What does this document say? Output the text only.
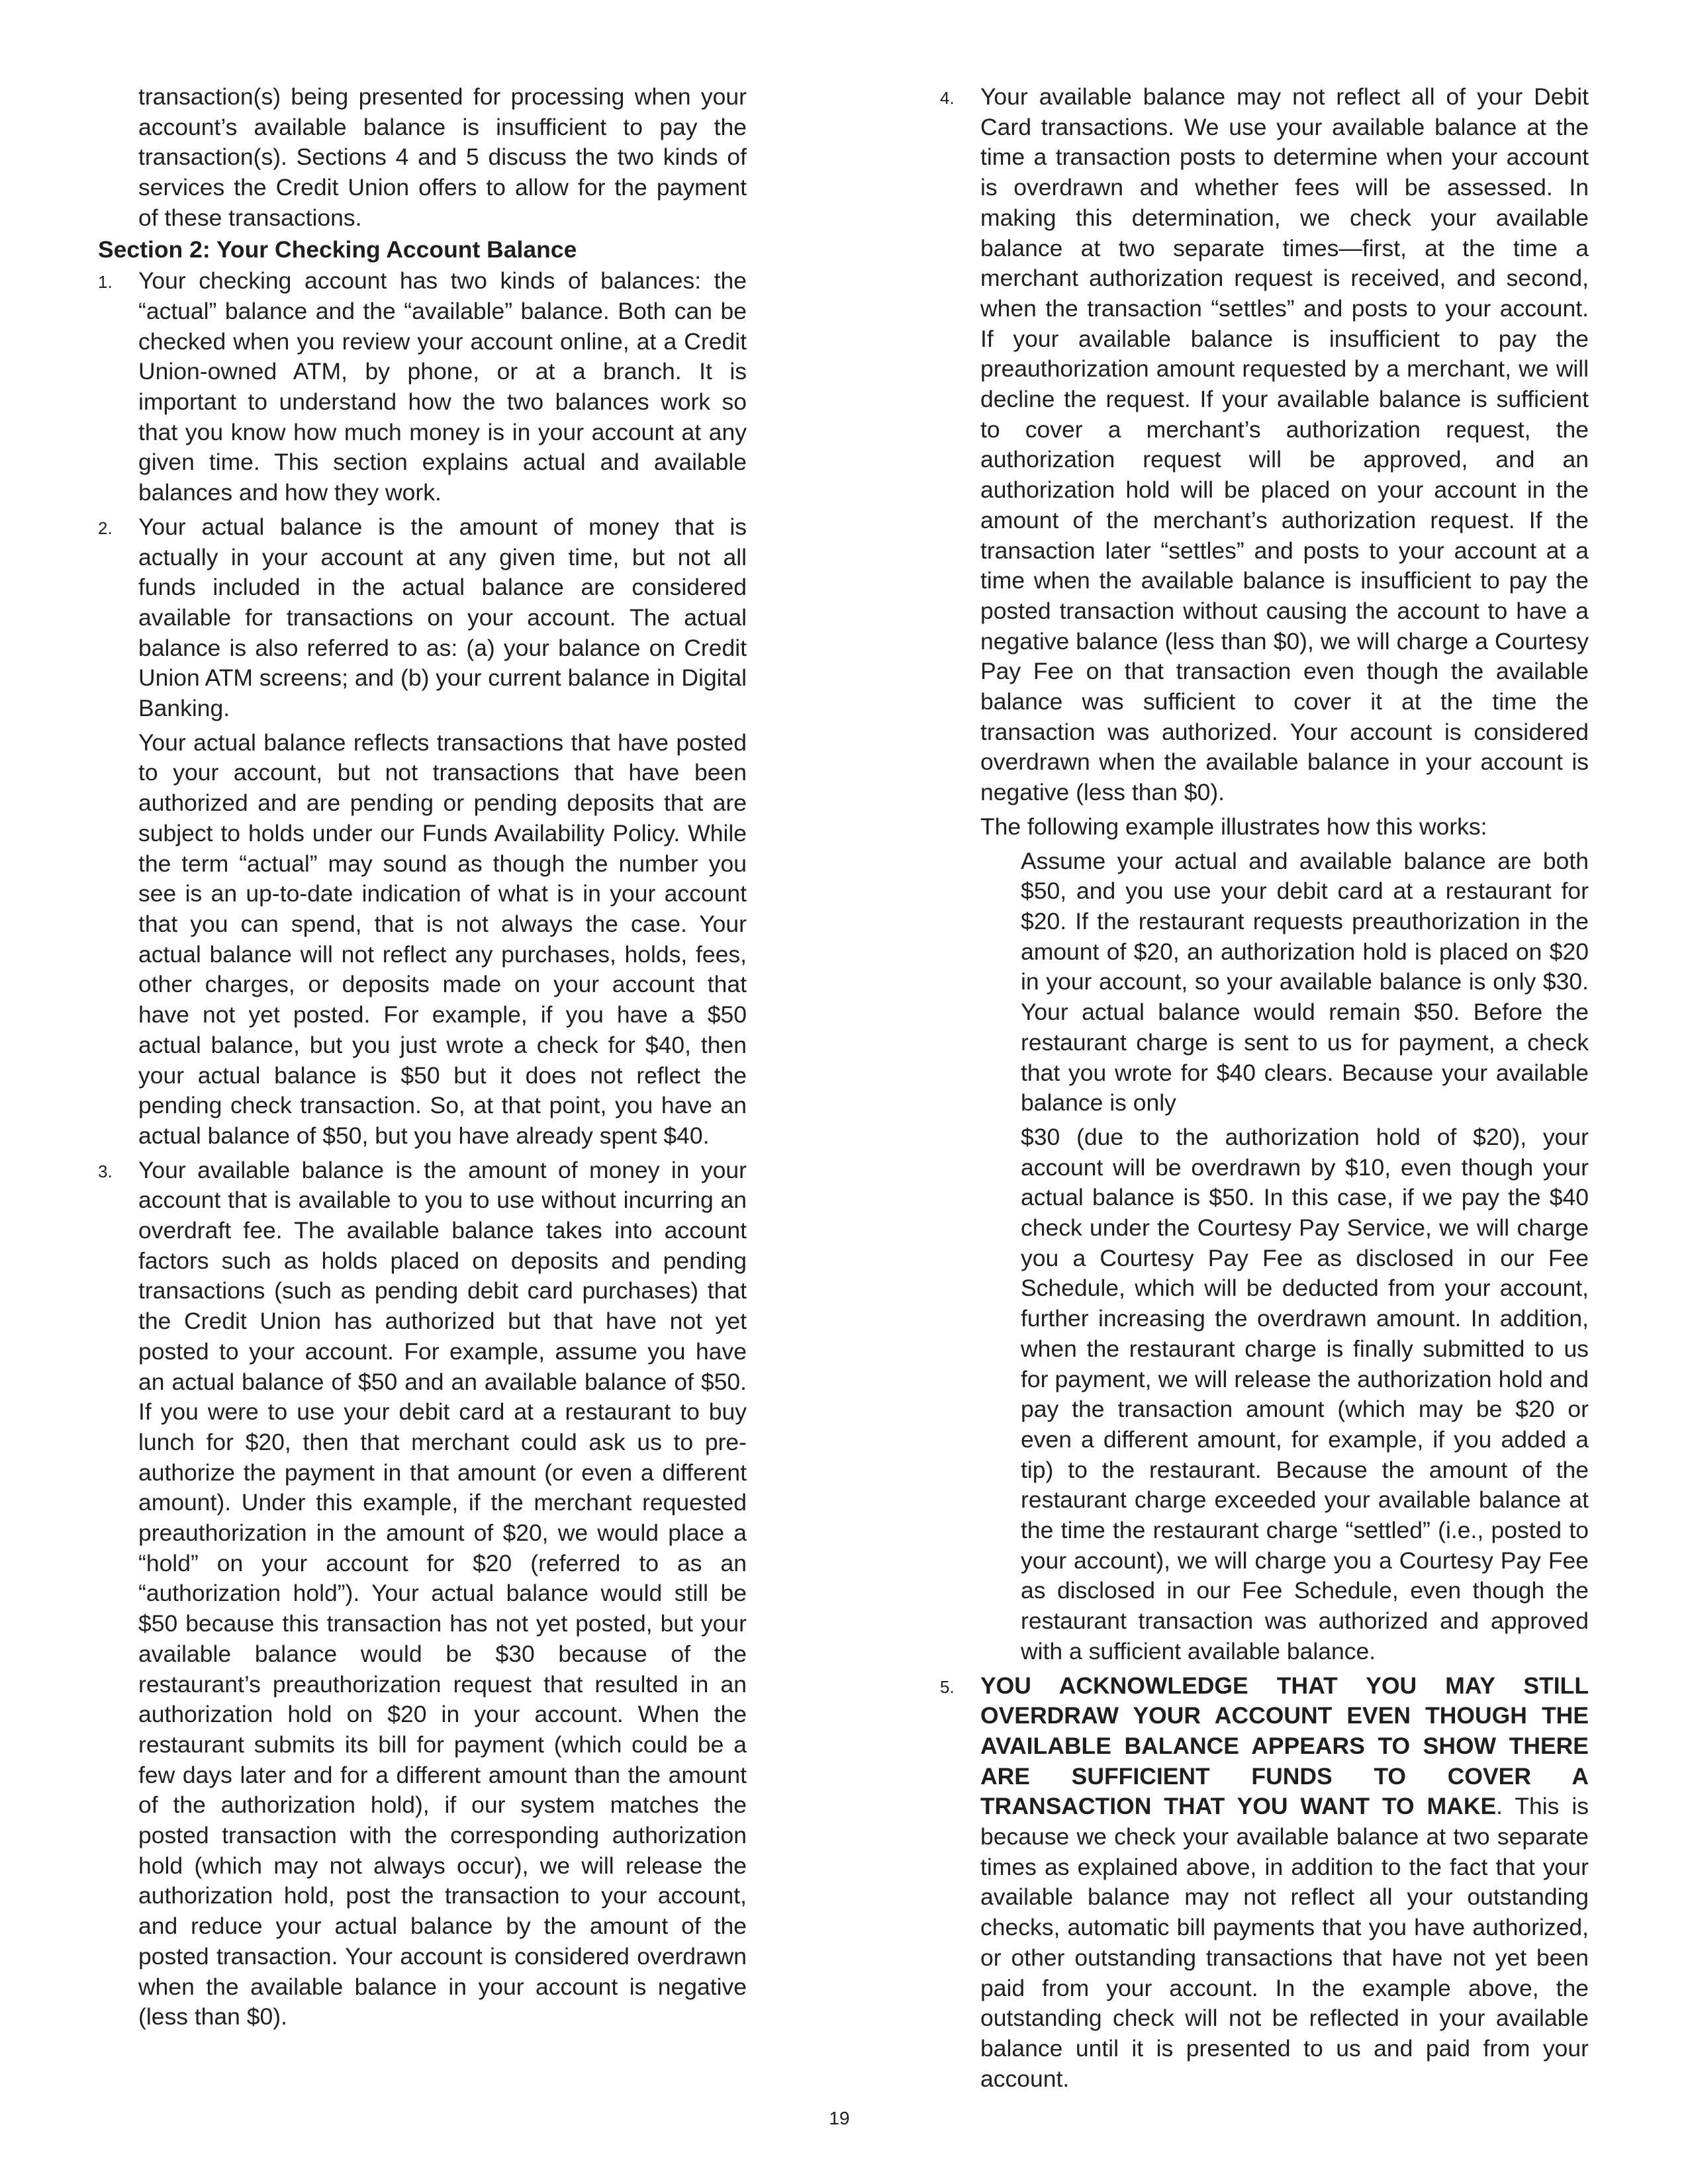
transaction(s) being presented for processing when your account’s available balance is insufficient to pay the transaction(s). Sections 4 and 5 discuss the two kinds of services the Credit Union offers to allow for the payment of these transactions.

Section 2: Your Checking Account Balance

1. Your checking account has two kinds of balances: the “actual” balance and the “available” balance. Both can be checked when you review your account online, at a Credit Union-owned ATM, by phone, or at a branch. It is important to understand how the two balances work so that you know how much money is in your account at any given time. This section explains actual and available balances and how they work.

2. Your actual balance is the amount of money that is actually in your account at any given time, but not all funds included in the actual balance are considered available for transactions on your account. The actual balance is also referred to as: (a) your balance on Credit Union ATM screens; and (b) your current balance in Digital Banking.

Your actual balance reflects transactions that have posted to your account, but not transactions that have been authorized and are pending or pending deposits that are subject to holds under our Funds Availability Policy. While the term “actual” may sound as though the number you see is an up-to-date indication of what is in your account that you can spend, that is not always the case. Your actual balance will not reflect any purchases, holds, fees, other charges, or deposits made on your account that have not yet posted. For example, if you have a $50 actual balance, but you just wrote a check for $40, then your actual balance is $50 but it does not reflect the pending check transaction. So, at that point, you have an actual balance of $50, but you have already spent $40.

3. Your available balance is the amount of money in your account that is available to you to use without incurring an overdraft fee. The available balance takes into account factors such as holds placed on deposits and pending transactions (such as pending debit card purchases) that the Credit Union has authorized but that have not yet posted to your account. For example, assume you have an actual balance of $50 and an available balance of $50. If you were to use your debit card at a restaurant to buy lunch for $20, then that merchant could ask us to pre-authorize the payment in that amount (or even a different amount). Under this example, if the merchant requested preauthorization in the amount of $20, we would place a “hold” on your account for $20 (referred to as an “authorization hold”). Your actual balance would still be $50 because this transaction has not yet posted, but your available balance would be $30 because of the restaurant’s preauthorization request that resulted in an authorization hold on $20 in your account. When the restaurant submits its bill for payment (which could be a few days later and for a different amount than the amount of the authorization hold), if our system matches the posted transaction with the corresponding authorization hold (which may not always occur), we will release the authorization hold, post the transaction to your account, and reduce your actual balance by the amount of the posted transaction. Your account is considered overdrawn when the available balance in your account is negative (less than $0).

4. Your available balance may not reflect all of your Debit Card transactions. We use your available balance at the time a transaction posts to determine when your account is overdrawn and whether fees will be assessed. In making this determination, we check your available balance at two separate times—first, at the time a merchant authorization request is received, and second, when the transaction “settles” and posts to your account. If your available balance is insufficient to pay the preauthorization amount requested by a merchant, we will decline the request. If your available balance is sufficient to cover a merchant’s authorization request, the authorization request will be approved, and an authorization hold will be placed on your account in the amount of the merchant’s authorization request. If the transaction later “settles” and posts to your account at a time when the available balance is insufficient to pay the posted transaction without causing the account to have a negative balance (less than $0), we will charge a Courtesy Pay Fee on that transaction even though the available balance was sufficient to cover it at the time the transaction was authorized. Your account is considered overdrawn when the available balance in your account is negative (less than $0).

The following example illustrates how this works:

Assume your actual and available balance are both $50, and you use your debit card at a restaurant for $20. If the restaurant requests preauthorization in the amount of $20, an authorization hold is placed on $20 in your account, so your available balance is only $30. Your actual balance would remain $50. Before the restaurant charge is sent to us for payment, a check that you wrote for $40 clears. Because your available balance is only

$30 (due to the authorization hold of $20), your account will be overdrawn by $10, even though your actual balance is $50. In this case, if we pay the $40 check under the Courtesy Pay Service, we will charge you a Courtesy Pay Fee as disclosed in our Fee Schedule, which will be deducted from your account, further increasing the overdrawn amount. In addition, when the restaurant charge is finally submitted to us for payment, we will release the authorization hold and pay the transaction amount (which may be $20 or even a different amount, for example, if you added a tip) to the restaurant. Because the amount of the restaurant charge exceeded your available balance at the time the restaurant charge “settled” (i.e., posted to your account), we will charge you a Courtesy Pay Fee as disclosed in our Fee Schedule, even though the restaurant transaction was authorized and approved with a sufficient available balance.

5. YOU ACKNOWLEDGE THAT YOU MAY STILL OVERDRAW YOUR ACCOUNT EVEN THOUGH THE AVAILABLE BALANCE APPEARS TO SHOW THERE ARE SUFFICIENT FUNDS TO COVER A TRANSACTION THAT YOU WANT TO MAKE. This is because we check your available balance at two separate times as explained above, in addition to the fact that your available balance may not reflect all your outstanding checks, automatic bill payments that you have authorized, or other outstanding transactions that have not yet been paid from your account. In the example above, the outstanding check will not be reflected in your available balance until it is presented to us and paid from your account.

19
